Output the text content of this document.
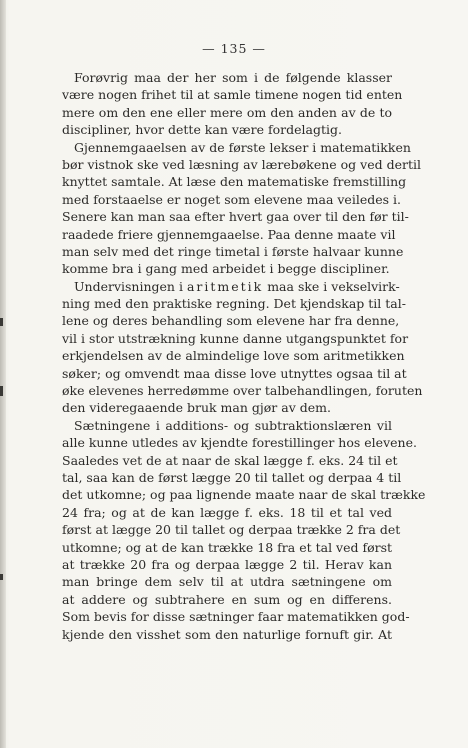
— 135 —
Forøvrig maa der her som i de følgende klasser
være nogen frihet til at samle timene nogen tid enten
mere om den ene eller mere om den anden av de to
discipliner, hvor dette kan være fordelagtig.
Gjennemgaaelsen av de første lekser i matematikken
bør vistnok ske ved læsning av lærebøkene og ved dertil
knyttet samtale. At læse den matematiske fremstilling
med forstaaelse er noget som elevene maa veiledes i.
Senere kan man saa efter hvert gaa over til den før til-
raadede friere gjennemgaaelse. Paa denne maate vil
man selv med det ringe timetal i første halvaar kunne
komme bra i gang med arbeidet i begge discipliner.
Undervisningen i aritmetik maa ske i vekselvirk-
ning med den praktiske regning. Det kjendskap til tal-
lene og deres behandling som elevene har fra denne,
vil i stor utstrækning kunne danne utgangspunktet for
erkjendelsen av de almindelige love som aritmetikken
søker; og omvendt maa disse love utnyttes ogsaa til at
øke elevenes herredømme over talbehandlingen, foruten
den videregaaende bruk man gjør av dem.
Sætningene i additions- og subtraktionslæren vil
alle kunne utledes av kjendte forestillinger hos elevene.
Saaledes vet de at naar de skal lægge f. eks. 24 til et
tal, saa kan de først lægge 20 til tallet og derpaa 4 til
det utkomne; og paa lignende maate naar de skal trække
24 fra; og at de kan lægge f. eks. 18 til et tal ved
først at lægge 20 til tallet og derpaa trække 2 fra det
utkomne; og at de kan trække 18 fra et tal ved først
at trække 20 fra og derpaa lægge 2 til. Herav kan
man bringe dem selv til at utdra sætningene om
at addere og subtrahere en sum og en differens.
Som bevis for disse sætninger faar matematikken god-
kjende den visshet som den naturlige fornuft gir. At
